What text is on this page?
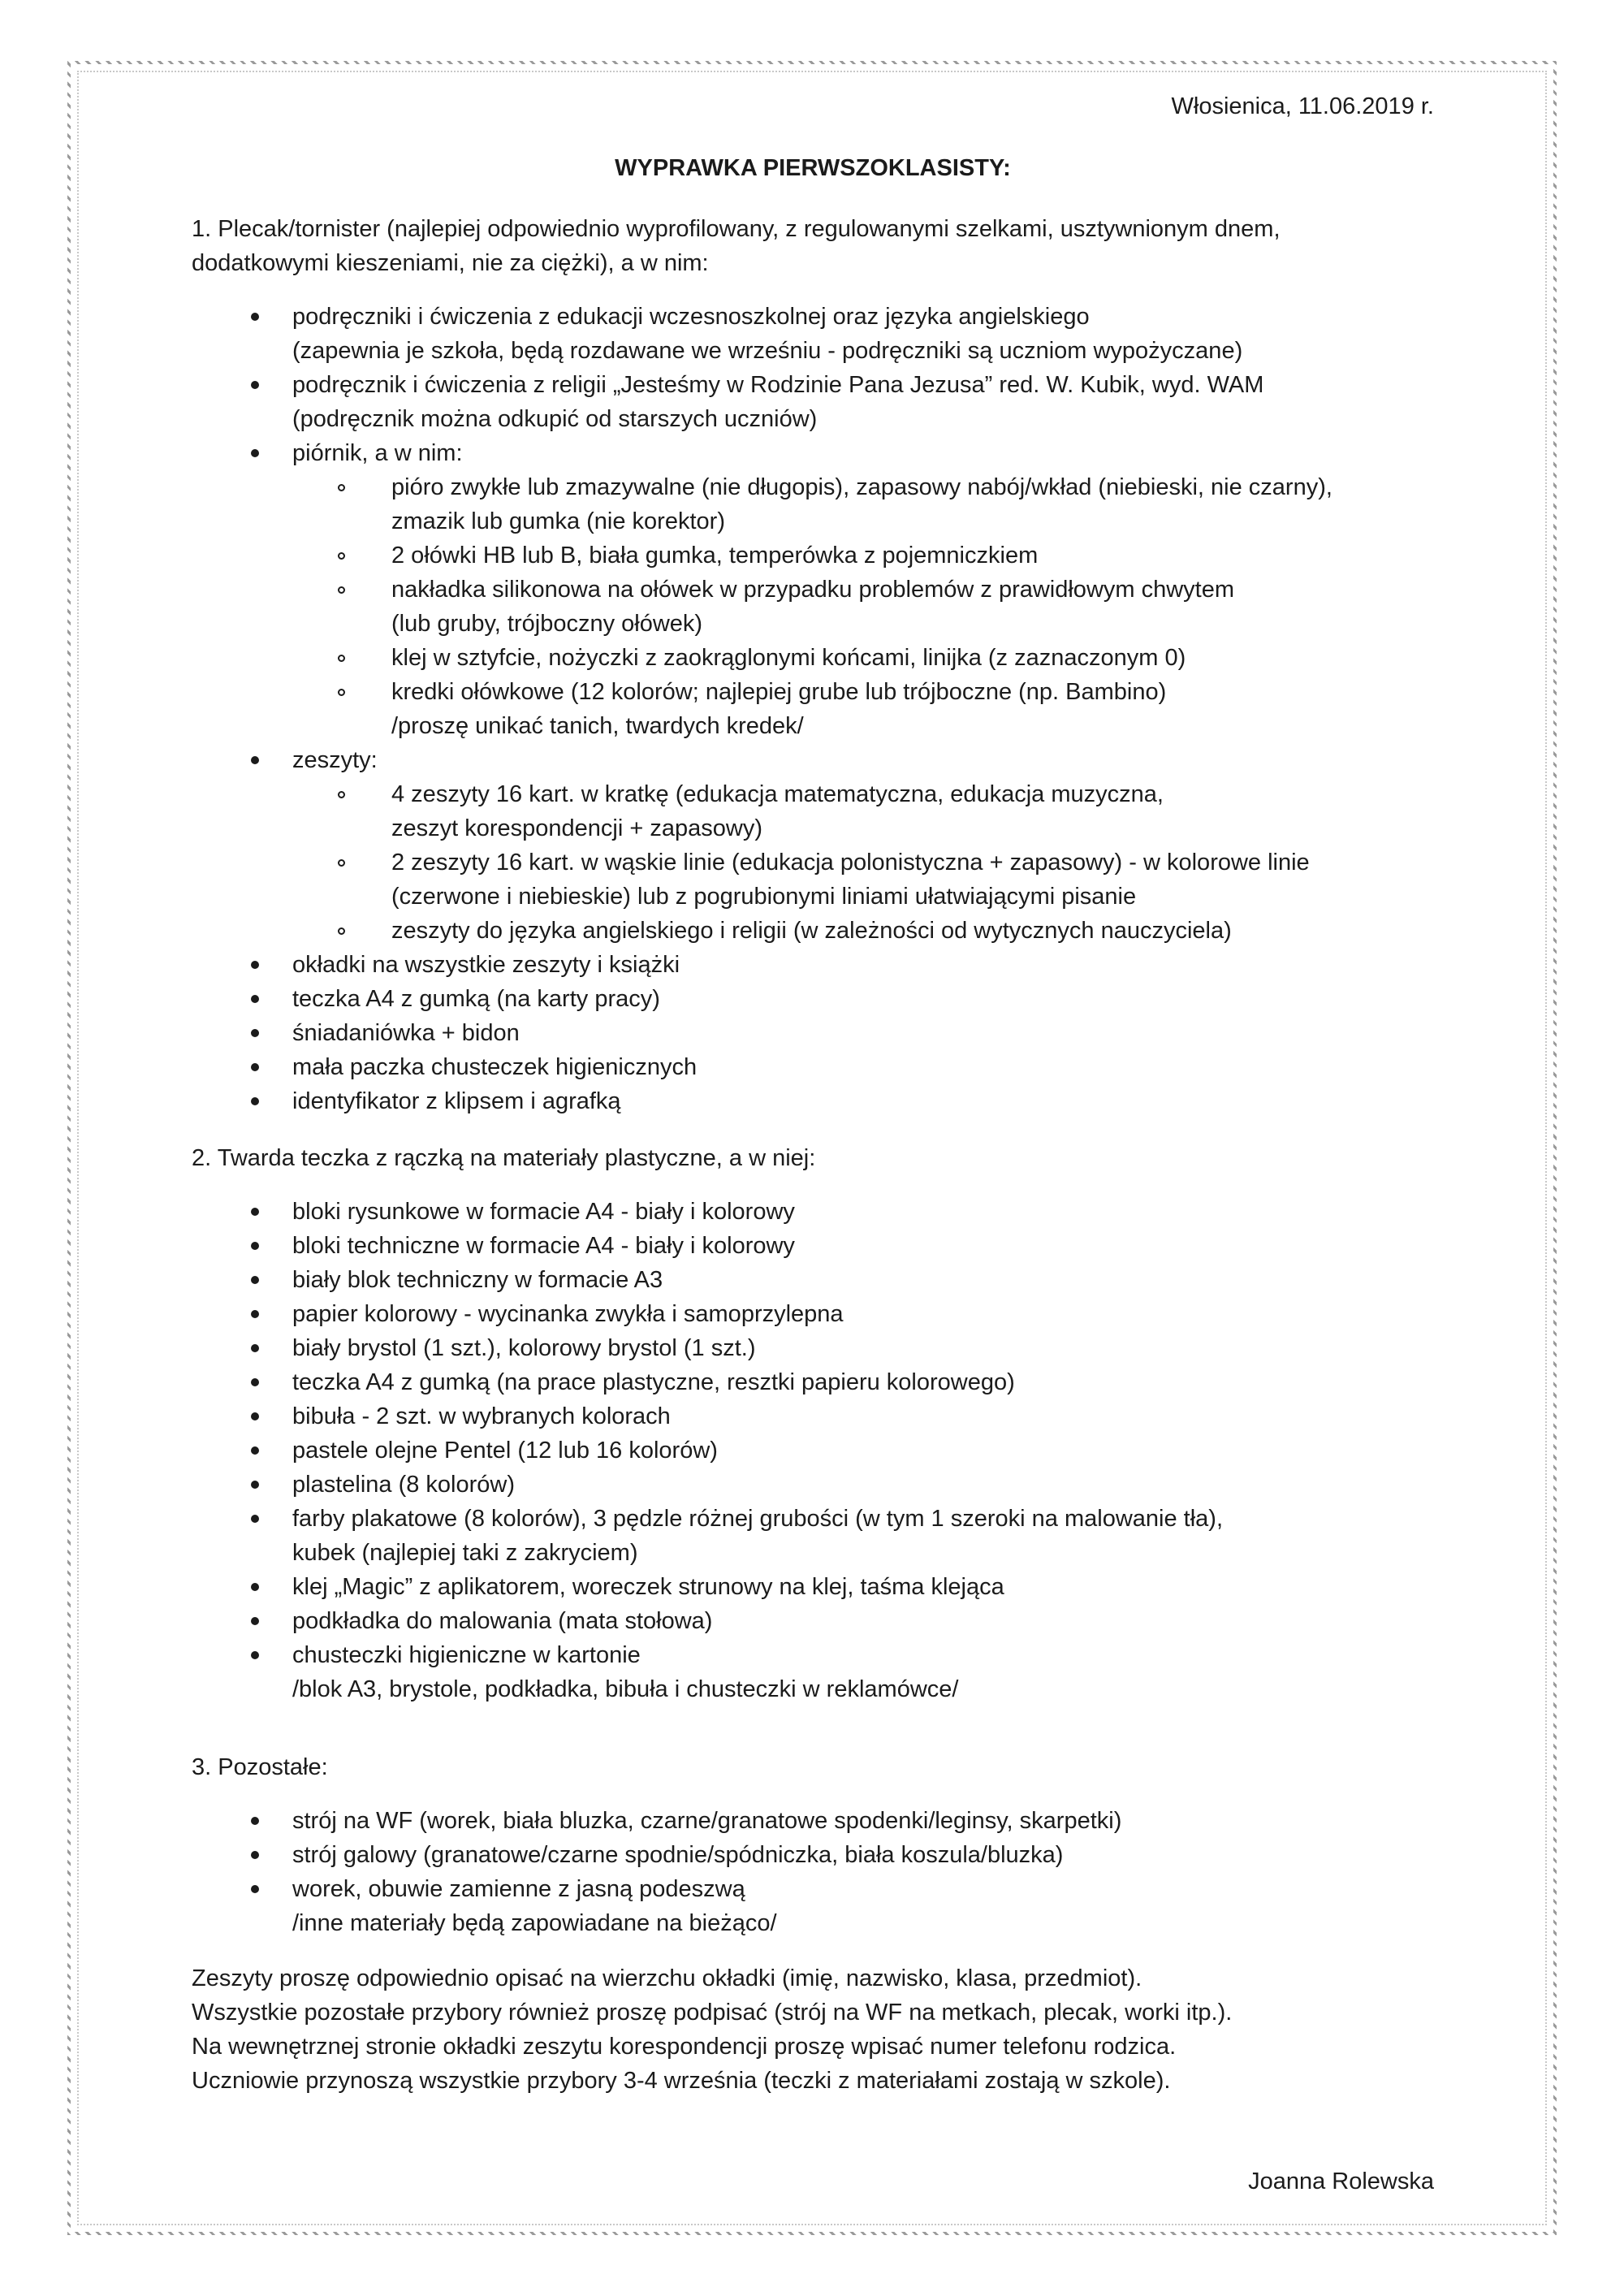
Włosienica, 11.06.2019 r.
WYPRAWKA PIERWSZOKLASISTY:

1. Plecak/tornister (najlepiej odpowiednio wyprofilowany, z regulowanymi szelkami, usztywnionym dnem,
dodatkowymi kieszeniami, nie za ciężki), a w nim:

podręczniki i ćwiczenia z edukacji wczesnoszkolnej oraz języka angielskiego
(zapewnia je szkoła, będą rozdawane we wrześniu - podręczniki są uczniom wypożyczane)
podręcznik i ćwiczenia z religii „Jesteśmy w Rodzinie Pana Jezusa” red. W. Kubik, wyd. WAM
(podręcznik można odkupić od starszych uczniów)
piórnik, a w nim:
pióro zwykłe lub zmazywalne (nie długopis), zapasowy nabój/wkład (niebieski, nie czarny),
zmazik lub gumka (nie korektor)
2 ołówki HB lub B, biała gumka, temperówka z pojemniczkiem
nakładka silikonowa na ołówek w przypadku problemów z prawidłowym chwytem
(lub gruby, trójboczny ołówek)
klej w sztyfcie, nożyczki z zaokrąglonymi końcami, linijka (z zaznaczonym 0)
kredki ołówkowe (12 kolorów; najlepiej grube lub trójboczne (np. Bambino)
/proszę unikać tanich, twardych kredek/
zeszyty:
4 zeszyty 16 kart. w kratkę (edukacja matematyczna, edukacja muzyczna,
zeszyt korespondencji + zapasowy)
2 zeszyty 16 kart. w wąskie linie (edukacja polonistyczna + zapasowy) - w kolorowe linie
(czerwone i niebieskie) lub z pogrubionymi liniami ułatwiającymi pisanie
zeszyty do języka angielskiego i religii (w zależności od wytycznych nauczyciela)
okładki na wszystkie zeszyty i książki
teczka A4 z gumką (na karty pracy)
śniadaniówka + bidon
mała paczka chusteczek higienicznych
identyfikator z klipsem i agrafką

2. Twarda teczka z rączką na materiały plastyczne, a w niej:

bloki rysunkowe w formacie A4 - biały i kolorowy
bloki techniczne w formacie A4 - biały i kolorowy
biały blok techniczny w formacie A3
papier kolorowy - wycinanka zwykła i samoprzylepna
biały brystol (1 szt.), kolorowy brystol (1 szt.)
teczka A4 z gumką (na prace plastyczne, resztki papieru kolorowego)
bibuła - 2 szt. w wybranych kolorach
pastele olejne Pentel (12 lub 16 kolorów)
plastelina (8 kolorów)
farby plakatowe (8 kolorów), 3 pędzle różnej grubości (w tym 1 szeroki na malowanie tła),
kubek (najlepiej taki z zakryciem)
klej „Magic” z aplikatorem, woreczek strunowy na klej, taśma klejąca
podkładka do malowania (mata stołowa)
chusteczki higieniczne w kartonie
/blok A3, brystole, podkładka, bibuła i chusteczki w reklamówce/

3. Pozostałe:

strój na WF (worek, biała bluzka, czarne/granatowe spodenki/leginsy, skarpetki)
strój galowy (granatowe/czarne spodnie/spódniczka, biała koszula/bluzka)
worek, obuwie zamienne z jasną podeszwą
/inne materiały będą zapowiadane na bieżąco/
Zeszyty proszę odpowiednio opisać na wierzchu okładki (imię, nazwisko, klasa, przedmiot).
Wszystkie pozostałe przybory również proszę podpisać (strój na WF na metkach, plecak, worki itp.).
Na wewnętrznej stronie okładki zeszytu korespondencji proszę wpisać numer telefonu rodzica.
Uczniowie przynoszą wszystkie przybory 3-4 września (teczki z materiałami zostają w szkole).
Joanna Rolewska
